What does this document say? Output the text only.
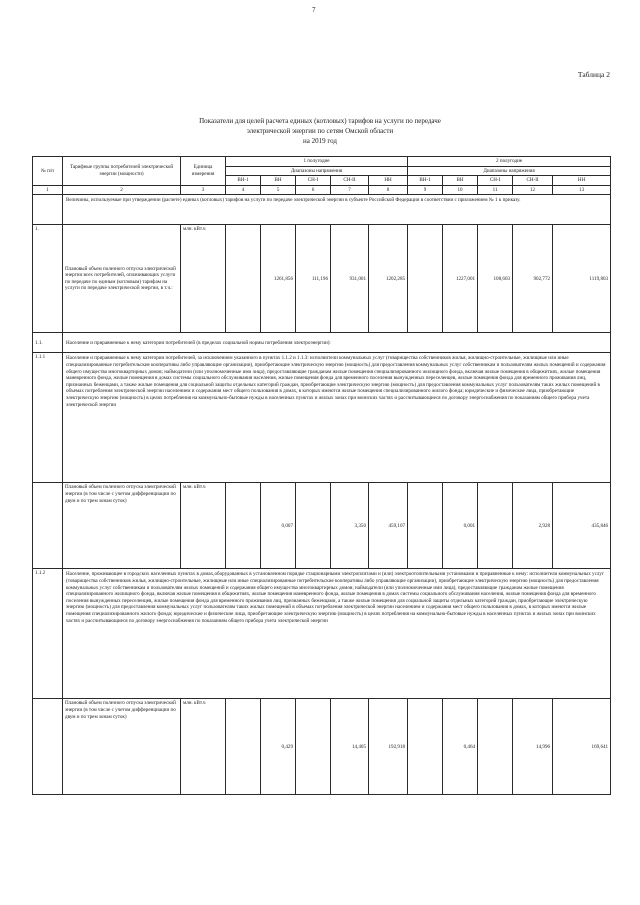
7
Таблица 2
Показатели для целей расчета единых (котловых) тарифов на услуги по передаче
электрической энергии по сетям Омской области
на 2019 год
№ п/п	Тарифные группы потребителей электрической энергии (мощности)	Единица измерения	1 полугодие					2 полугодие				
			Диапазоны напряжения					Диапазоны напряжения				
			ВН-1	ВН	СН-I	СН-II	НН	ВН-1	ВН	СН-I	СН-II	НН
1	2	3	4	5	6	7	8	9	10	11	12	13
	Величины, используемые при утверждении (расчете) единых (котловых) тарифов на услуги по передаче электрической энергии в субъекте Российской Федерации в соответствии с приложением № 1 к приказу.											
1.	Плановый объем полезного отпуска электрической энергии всех потребителей, оплачивающих услуги по передаче по единым (котловым) тарифам на услуги по передаче электрической энергии, в т.ч.:	млн. кВт.ч		1261,856	111,196	931,001	1202,285		1227,001	108,603	902,772	1119,803
1.1.	Население и приравненные к нему категории потребителей (в пределах социальной нормы потребления электроэнергии):											
1.1.1	Население и приравненные к нему категории потребителей, за исключением указанного в пунктах 1.1.2 и 1.1.3: исполнители коммунальных услуг (товарищества собственников жилья, жилищно-строительные, жилищные или иные специализированные потребительские кооперативы либо управляющие организации), приобретающие электрическую энергию (мощность) для предоставления коммунальных услуг собственникам и пользователям жилых помещений и содержания общего имущества многоквартирных домов; наймодатели (или уполномоченные ими лица), предоставляющие гражданам жилые помещения специализированного жилищного фонда, включая жилые помещения в общежитиях, жилые помещения маневренного фонда, жилые помещения в домах системы социального обслуживания населения, жилые помещения фонда для временного поселения вынужденных переселенцев, жилые помещения фонда для временного проживания лиц, признанных беженцами, а также жилые помещения для социальной защиты отдельных категорий граждан, приобретающие электрическую энергию (мощность) для предоставления коммунальных услуг пользователям таких жилых помещений в объемах потребления электрической энергии населением и содержания мест общего пользования в домах, в которых имеются жилые помещения специализированного жилого фонда; юридические и физические лица, приобретающие электрическую энергию (мощность) в целях потребления на коммунально-бытовые нужды в населенных пунктах и жилых зонах при воинских частях и рассчитывающиеся по договору энергоснабжения по показаниям общего прибора учета электрической энергии											
	Плановый объем полезного отпуска электрической энергии (в том числе с учетом дифференциации по двум и по трем зонам суток)	млн. кВт.ч		0,007		3,350	459,107		0,001		2,928	435,846
1.1.2	Население, проживающее в городских населенных пунктах в домах,оборудованных в установленном порядке стационарными электроплитами и (или) электроотопительными установками и приравненные к нему: исполнители коммунальных услуг (товарищества собственников жилья, жилищно-строительные, жилищные или иные специализированные потребительские кооперативы либо управляющие организации), приобретающие электрическую энергию (мощность) для предоставления коммунальных услуг собственникам и пользователям жилых помещений и содержания общего имущества многоквартирных домов; наймодатели (или уполномоченные ими лица), предоставляющие гражданам жилые помещения специализированного жилищного фонда, включая жилые помещения в общежитиях, жилые помещения маневренного фонда, жилые помещения в домах системы социального обслуживания населения, жилые помещения фонда для временного поселения вынужденных переселенцев, жилые помещения фонда для временного проживания лиц, признанных беженцами, а также жилые помещения для социальной защиты отдельных категорий граждан, приобретающие электрическую энергию (мощность) для предоставления коммунальных услуг пользователям таких жилых помещений в объемах потребления электрической энергии населением и содержания мест общего пользования в домах, в которых имеются жилые помещения специализированного жилого фонда; юридические и физические лица, приобретающие электрическую энергию (мощность) в целях потребления на коммунально-бытовые нужды в населенных пунктах и жилых зонах при воинских частях и рассчитывающиеся по договору энергоснабжения по показаниям общего прибора учета электрической энергии											
	Плановый объем полезного отпуска электрической энергии (в том числе с учетом дифференциации по двум и по трем зонам суток)	млн. кВт.ч		0,429		14,405	192,918		0,464		14,996	169,641
